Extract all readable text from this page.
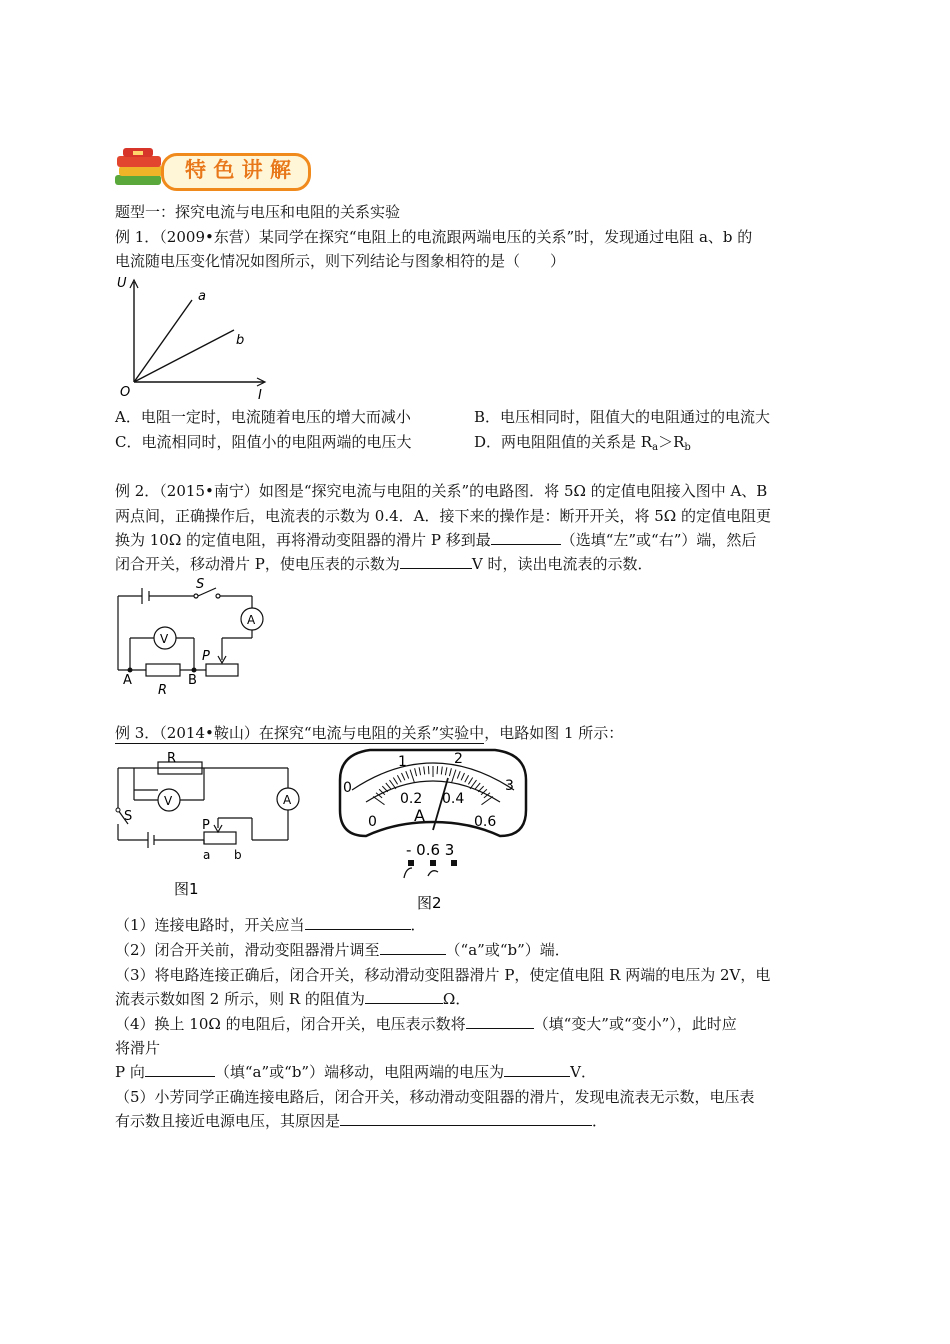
特 色 讲 解
题型一：探究电流与电压和电阻的关系实验
例 1．（2009•东营）某同学在探究“电阻上的电流跟两端电压的关系”时，发现通过电阻 a、b 的
电流随电压变化情况如图所示，则下列结论与图象相符的是（　　）
U
I
O
a
b
A．电阻一定时，电流随着电压的增大而减小	B．电压相同时，阻值大的电阻通过的电流大
C．电流相同时，阻值小的电阻两端的电压大	D．两电阻阻值的关系是 $R_a>R_b$
例 2．（2015•南宁）如图是“探究电流与电阻的关系”的电路图．将 5Ω 的定值电阻接入图中 A、B
两点间，正确操作后，电流表的示数为 0.4．A．接下来的操作是：断开开关，将 5Ω 的定值电阻更
换为 10Ω 的定值电阻，再将滑动变阻器的滑片 P 移到最	（选填“左”或“右”）端，然后
闭合开关，移动滑片 P，使电压表的示数为	V 时，读出电流表的示数．
S
A
V
P
A	B
R
例 3．（2014•鞍山）在探究“电流与电阻的关系”实验中，电路如图 1 所示：
R
V	A
S
P
a b
图1
0
1	2
3
0
0.2 0.4
0.6
A
- 0.6 3
图2
（1）连接电路时，开关应当	．
（2）闭合开关前，滑动变阻器滑片调至	（“a”或“b”）端．
（3）将电路连接正确后，闭合开关，移动滑动变阻器滑片 P，使定值电阻 R 两端的电压为 2V，电
流表示数如图 2 所示，则 R 的阻值为	Ω．
（4）换上 10Ω 的电阻后，闭合开关，电压表示数将	（填“变大”或“变小”），此时应
将滑片
P 向	（填“a”或“b”）端移动，电阻两端的电压为	V．
（5）小芳同学正确连接电路后，闭合开关，移动滑动变阻器的滑片，发现电流表无示数，电压表
有示数且接近电源电压，其原因是	．
